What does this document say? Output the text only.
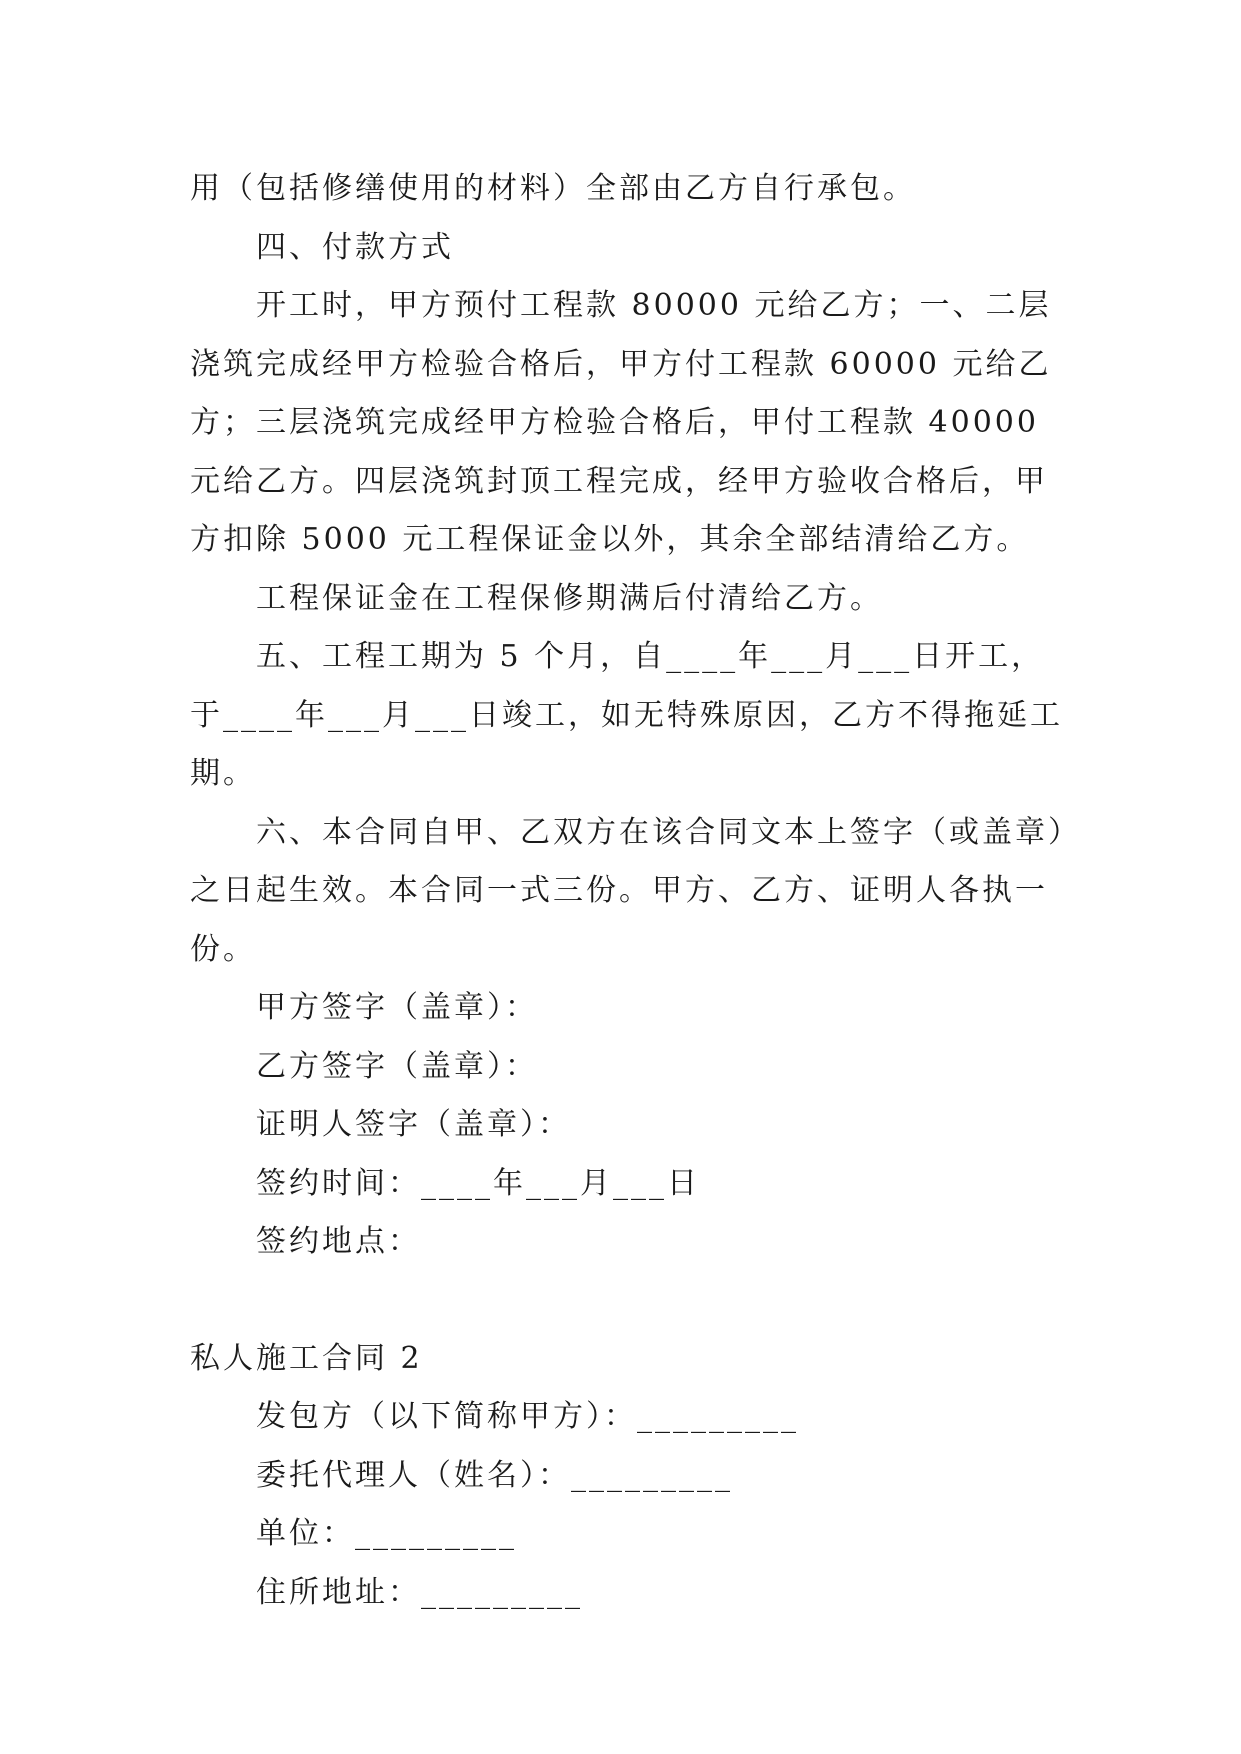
用（包括修缮使用的材料）全部由乙方自行承包。

四、付款方式

开工时，甲方预付工程款 80000 元给乙方；一、二层浇筑完成经甲方检验合格后，甲方付工程款 60000 元给乙方；三层浇筑完成经甲方检验合格后，甲付工程款 40000 元给乙方。四层浇筑封顶工程完成，经甲方验收合格后，甲方扣除 5000 元工程保证金以外，其余全部结清给乙方。

工程保证金在工程保修期满后付清给乙方。

五、工程工期为 5 个月，自____年___月___日开工，于____年___月___日竣工，如无特殊原因，乙方不得拖延工期。

六、本合同自甲、乙双方在该合同文本上签字（或盖章）之日起生效。本合同一式三份。甲方、乙方、证明人各执一份。

甲方签字（盖章）：

乙方签字（盖章）：

证明人签字（盖章）：

签约时间：____年___月___日

签约地点：

私人施工合同 2

发包方（以下简称甲方）：_________

委托代理人（姓名）：_________

单位：_________

住所地址：_________
